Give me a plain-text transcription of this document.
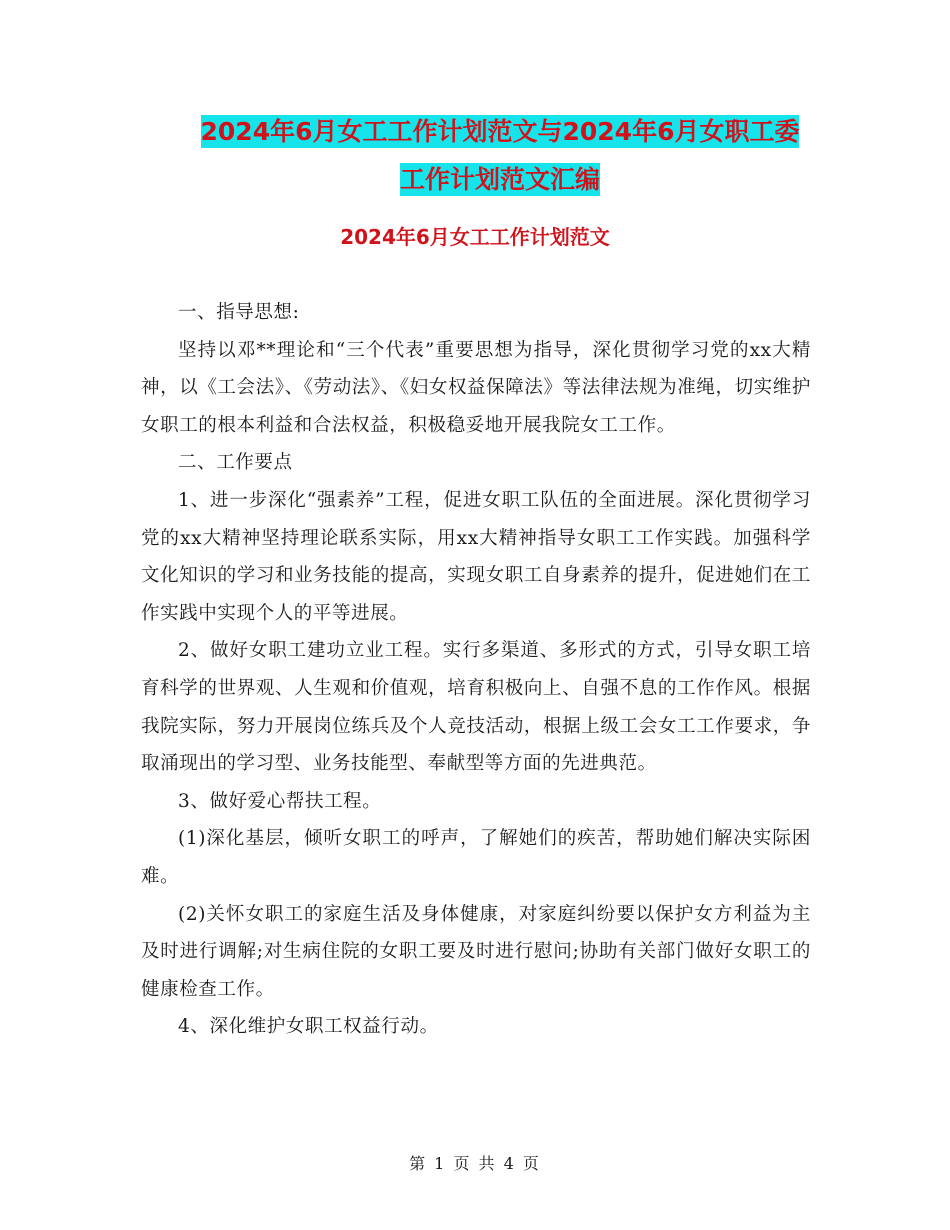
2024年6月女工工作计划范文与2024年6月女职工委
工作计划范文汇编
2024年6月女工工作计划范文

一、指导思想:

坚持以邓**理论和“三个代表”重要思想为指导，深化贯彻学习党的xx大精神，以《工会法》、《劳动法》、《妇女权益保障法》等法律法规为准绳，切实维护女职工的根本利益和合法权益，积极稳妥地开展我院女工工作。

二、工作要点

1、进一步深化“强素养”工程，促进女职工队伍的全面进展。深化贯彻学习党的xx大精神坚持理论联系实际，用xx大精神指导女职工工作实践。加强科学文化知识的学习和业务技能的提高，实现女职工自身素养的提升，促进她们在工作实践中实现个人的平等进展。

2、做好女职工建功立业工程。实行多渠道、多形式的方式，引导女职工培育科学的世界观、人生观和价值观，培育积极向上、自强不息的工作作风。根据我院实际，努力开展岗位练兵及个人竞技活动，根据上级工会女工工作要求，争取涌现出的学习型、业务技能型、奉献型等方面的先进典范。

3、做好爱心帮扶工程。

(1)深化基层，倾听女职工的呼声，了解她们的疾苦，帮助她们解决实际困难。

(2)关怀女职工的家庭生活及身体健康，对家庭纠纷要以保护女方利益为主及时进行调解;对生病住院的女职工要及时进行慰问;协助有关部门做好女职工的健康检查工作。

4、深化维护女职工权益行动。

第 1 页 共 4 页
